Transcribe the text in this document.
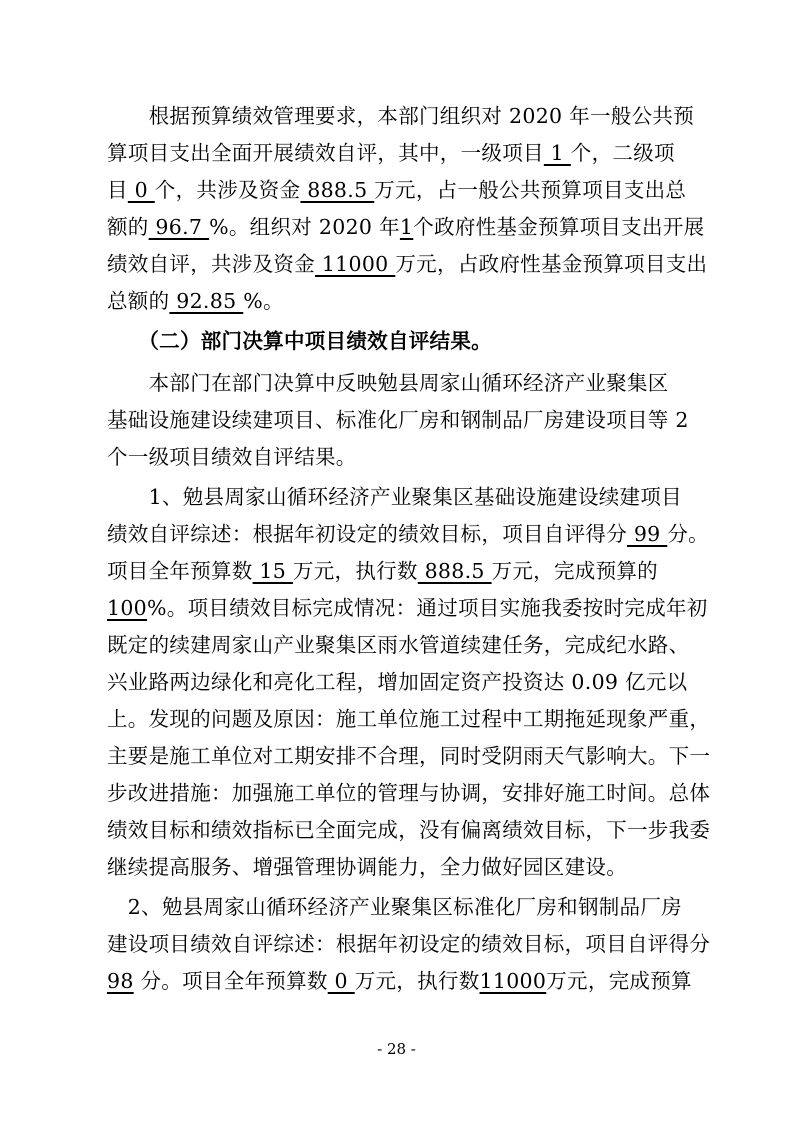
　　根据预算绩效管理要求，本部门组织对 2020 年一般公共预
算项目支出全面开展绩效自评，其中，一级项目 1 个，二级项
目 0 个，共涉及资金 888.5 万元，占一般公共预算项目支出总
额的 96.7 %。组织对 2020 年1个政府性基金预算项目支出开展
绩效自评，共涉及资金 11000 万元，占政府性基金预算项目支出
总额的 92.85 %。
　　（二）部门决算中项目绩效自评结果。
　　本部门在部门决算中反映勉县周家山循环经济产业聚集区
基础设施建设续建项目、标准化厂房和钢制品厂房建设项目等 2
个一级项目绩效自评结果。
　　1、勉县周家山循环经济产业聚集区基础设施建设续建项目
绩效自评综述：根据年初设定的绩效目标，项目自评得分 99 分。
项目全年预算数 15 万元，执行数 888.5 万元，完成预算的
100%。项目绩效目标完成情况：通过项目实施我委按时完成年初
既定的续建周家山产业聚集区雨水管道续建任务，完成纪水路、
兴业路两边绿化和亮化工程，增加固定资产投资达 0.09 亿元以
上。发现的问题及原因：施工单位施工过程中工期拖延现象严重，
主要是施工单位对工期安排不合理，同时受阴雨天气影响大。下一
步改进措施：加强施工单位的管理与协调，安排好施工时间。总体
绩效目标和绩效指标已全面完成，没有偏离绩效目标，下一步我委
继续提高服务、增强管理协调能力，全力做好园区建设。
　2、勉县周家山循环经济产业聚集区标准化厂房和钢制品厂房
建设项目绩效自评综述：根据年初设定的绩效目标，项目自评得分
98 分。项目全年预算数 0 万元，执行数11000万元，完成预算
- 28 -
